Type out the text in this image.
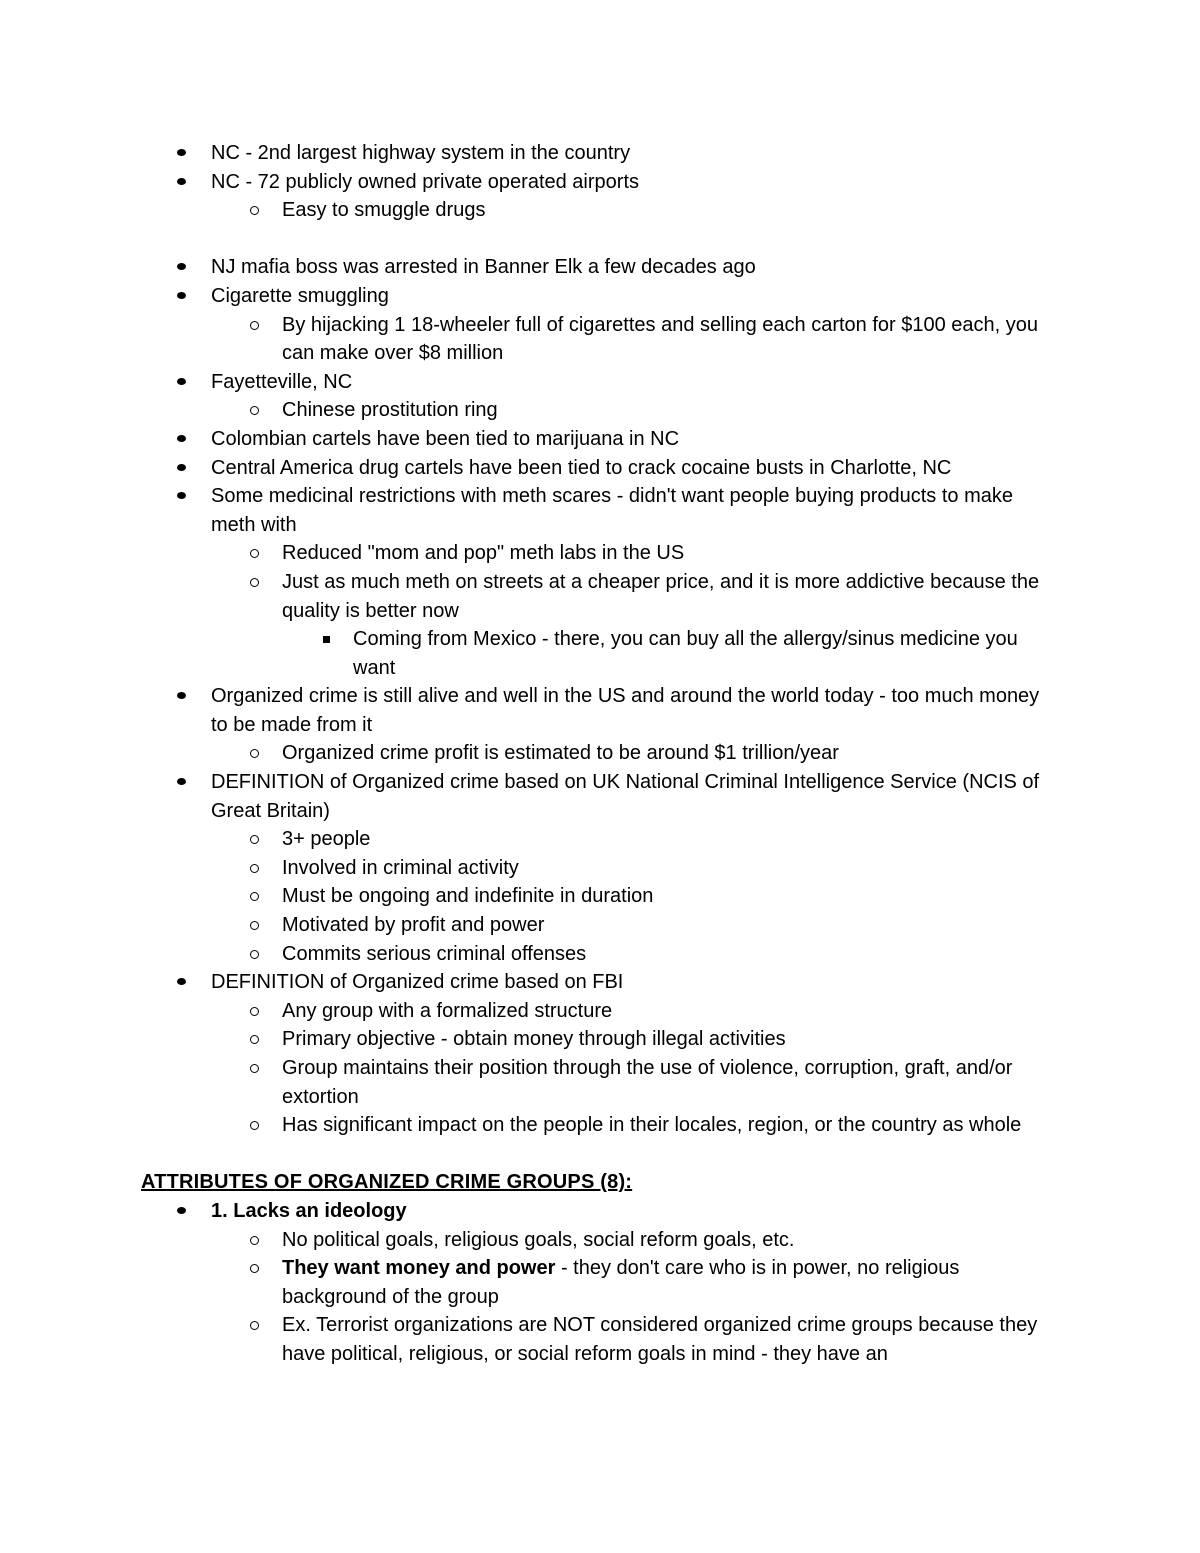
NC - 2nd largest highway system in the country
NC - 72 publicly owned private operated airports
Easy to smuggle drugs
NJ mafia boss was arrested in Banner Elk a few decades ago
Cigarette smuggling
By hijacking 1 18-wheeler full of cigarettes and selling each carton for $100 each, you can make over $8 million
Fayetteville, NC
Chinese prostitution ring
Colombian cartels have been tied to marijuana in NC
Central America drug cartels have been tied to crack cocaine busts in Charlotte, NC
Some medicinal restrictions with meth scares - didn't want people buying products to make meth with
Reduced "mom and pop" meth labs in the US
Just as much meth on streets at a cheaper price, and it is more addictive because the quality is better now
Coming from Mexico - there, you can buy all the allergy/sinus medicine you want
Organized crime is still alive and well in the US and around the world today - too much money to be made from it
Organized crime profit is estimated to be around $1 trillion/year
DEFINITION of Organized crime based on UK National Criminal Intelligence Service (NCIS of Great Britain)
3+ people
Involved in criminal activity
Must be ongoing and indefinite in duration
Motivated by profit and power
Commits serious criminal offenses
DEFINITION of Organized crime based on FBI
Any group with a formalized structure
Primary objective - obtain money through illegal activities
Group maintains their position through the use of violence, corruption, graft, and/or extortion
Has significant impact on the people in their locales, region, or the country as whole
ATTRIBUTES OF ORGANIZED CRIME GROUPS (8):
1. Lacks an ideology
No political goals, religious goals, social reform goals, etc.
They want money and power - they don't care who is in power, no religious background of the group
Ex. Terrorist organizations are NOT considered organized crime groups because they have political, religious, or social reform goals in mind - they have an
